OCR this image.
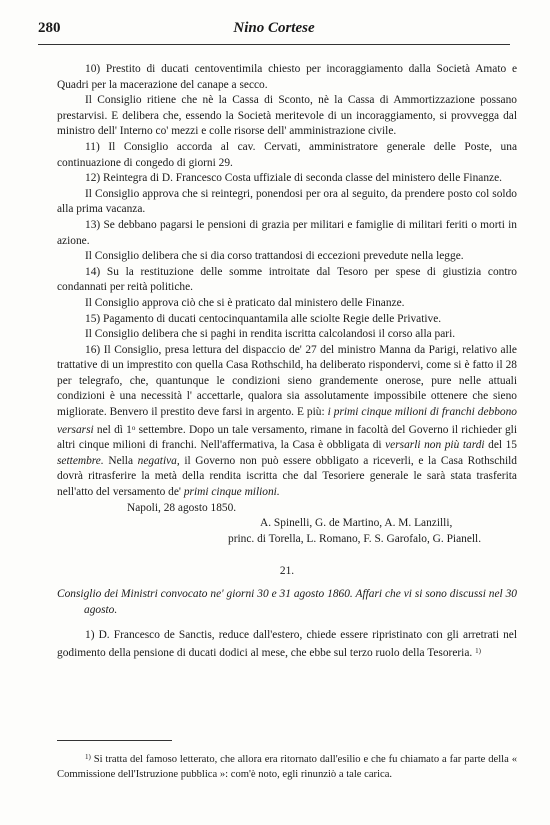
280	Nino Cortese

10) Prestito di ducati centoventimila chiesto per incoraggiamento dalla Società Amato e Quadri per la macerazione del canape a secco.

Il Consiglio ritiene che nè la Cassa di Sconto, nè la Cassa di Ammortizzazione possano prestarvisi. E delibera che, essendo la Società meritevole di un incoraggiamento, si provvegga dal ministro dell' Interno co' mezzi e colle risorse dell' amministrazione civile.

11) Il Consiglio accorda al cav. Cervati, amministratore generale delle Poste, una continuazione di congedo di giorni 29.

12) Reintegra di D. Francesco Costa uffiziale di seconda classe del ministero delle Finanze.

Il Consiglio approva che si reintegri, ponendosi per ora al seguito, da prendere posto col soldo alla prima vacanza.

13) Se debbano pagarsi le pensioni di grazia per militari e famiglie di militari feriti o morti in azione.

Il Consiglio delibera che si dia corso trattandosi di eccezioni prevedute nella legge.

14) Su la restituzione delle somme introitate dal Tesoro per spese di giustizia contro condannati per reità politiche.

Il Consiglio approva ciò che si è praticato dal ministero delle Finanze.

15) Pagamento di ducati centocinquantamila alle sciolte Regie delle Privative.

Il Consiglio delibera che si paghi in rendita iscritta calcolandosi il corso alla pari.

16) Il Consiglio, presa lettura del dispaccio de' 27 del ministro Manna da Parigi, relativo alle trattative di un imprestito con quella Casa Rothschild, ha deliberato rispondervi, come si è fatto il 28 per telegrafo, che, quantunque le condizioni sieno grandemente onerose, pure nelle attuali condizioni è una necessità l' accettarle, qualora sia assolutamente impossibile ottenere che sieno migliorate. Benvero il prestito deve farsi in argento. E più: i primi cinque milioni di franchi debbono versarsi nel dì 1$^o$ settembre. Dopo un tale versamento, rimane in facoltà del Governo il richieder gli altri cinque milioni di franchi. Nell'affermativa, la Casa è obbligata di versarli non più tardi del 15 settembre. Nella negativa, il Governo non può essere obbligato a riceverli, e la Casa Rothschild dovrà ritrasferire la metà della rendita iscritta che dal Tesoriere generale le sarà stata trasferita nell'atto del versamento de' primi cinque milioni.

Napoli, 28 agosto 1850.

A. Spinelli, G. de Martino, A. M. Lanzilli,

princ. di Torella, L. Romano, F. S. Garofalo, G. Pianell.

21.
Consiglio dei Ministri convocato ne' giorni 30 e 31 agosto 1860. Affari che vi si sono discussi nel 30 agosto.

1) D. Francesco de Sanctis, reduce dall'estero, chiede essere ripristinato con gli arretrati nel godimento della pensione di ducati dodici al mese, che ebbe sul terzo ruolo della Tesoreria. $^{1)}$

$^{1)}$ Si tratta del famoso letterato, che allora era ritornato dall'esilio e che fu chiamato a far parte della « Commissione dell'Istruzione pubblica »: com'è noto, egli rinunziò a tale carica.
